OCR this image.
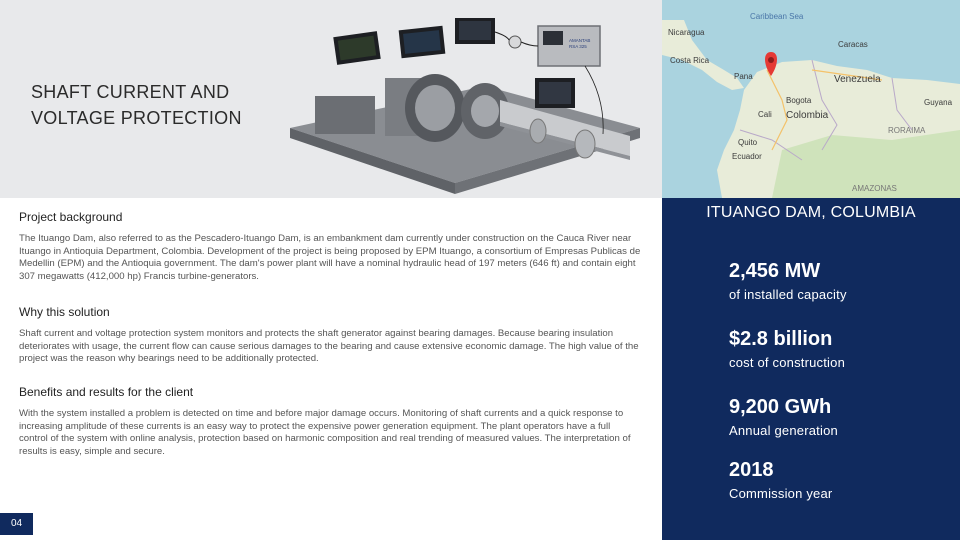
SHAFT CURRENT AND
VOLTAGE PROTECTION
AMANTAB
RSA 325
Caribbean Sea
Nicaragua
Costa Rica
Pana
Caracas
Venezuela
Bogota
Colombia
Cali
Quito
Ecuador
Guyana
RORAIMA
AMAZONAS
ITUANGO DAM, COLUMBIA
2,456 MW
of installed capacity
$2.8 billion
cost of construction
9,200 GWh
Annual generation
2018
Commission year
Project background
The Ituango Dam, also referred to as the Pescadero-Ituango Dam, is an embankment dam currently under construction on the Cauca River near Ituango in Antioquia Department, Colombia. Development of the project is being proposed by EPM Ituango, a consortium of Empresas Publicas de Medellin (EPM) and the Antioquia government. The dam's power plant will have a nominal hydraulic head of 197 meters (646 ft) and contain eight 307 megawatts (412,000 hp) Francis turbine-generators.
Why this solution
Shaft current and voltage protection system monitors and protects the shaft generator against bearing damages. Because bearing insulation deteriorates with usage, the current flow can cause serious damages to the bearing and cause extensive economic damage. The high value of the project was the reason why bearings need to be additionally protected.
Benefits and results for the client
With the system installed a problem is detected on time and before major damage occurs. Monitoring of shaft currents and a quick response to increasing amplitude of these currents is an easy way to protect the expensive power generation equipment. The plant operators have a full control of the system with online analysis, protection based on harmonic composition and real trending of measured values. The interpretation of results is easy, simple and secure.
04
